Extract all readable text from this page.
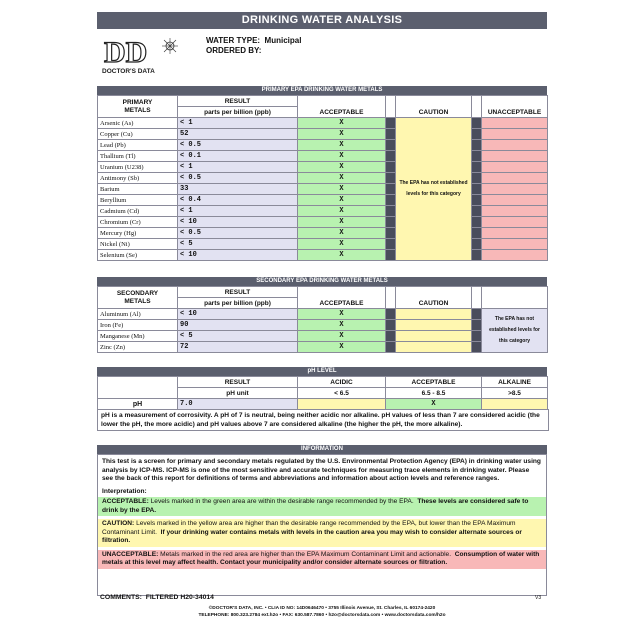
DRINKING WATER ANALYSIS
DD
DOCTOR'S DATA
WATER TYPE: Municipal
ORDERED BY:
PRIMARY EPA DRINKING WATER METALS
PRIMARY
METALS	RESULT	ACCEPTABLE		CAUTION		UNACCEPTABLE
	parts per billion (ppb)					
Arsenic (As)	< 1	X		The EPA has not established levels for this category		
Copper (Cu)	52	X				
Lead (Pb)	< 0.5	X				
Thallium (Tl)	< 0.1	X				
Uranium (U238)	< 1	X				
Antimony (Sb)	< 0.5	X				
Barium	33	X				
Beryllium	< 0.4	X				
Cadmium (Cd)	< 1	X				
Chromium (Cr)	< 10	X				
Mercury (Hg)	< 0.5	X				
Nickel (Ni)	< 5	X				
Selenium (Se)	< 10	X				
SECONDARY EPA DRINKING WATER METALS
SECONDARY
METALS	RESULT	ACCEPTABLE		CAUTION		
	parts per billion (ppb)					
Aluminum (Al)	< 10	X				The EPA has not established levels for this category
Iron (Fe)	90	X				
Manganese (Mn)	< 5	X				
Zinc (Zn)	72	X				
pH LEVEL
	RESULT	ACIDIC	ACCEPTABLE	ALKALINE
	pH unit	< 6.5	6.5 - 8.5	>8.5
pH	7.0		X	
pH is a measurement of corrosivity. A pH of 7 is neutral, being neither acidic nor alkaline. pH values of less than 7 are considered acidic (the lower the pH, the more acidic) and pH values above 7 are considered alkaline (the higher the pH, the more alkaline).
INFORMATION

This test is a screen for primary and secondary metals regulated by the U.S. Environmental Protection Agency (EPA) in drinking water using analysis by ICP-MS. ICP-MS is one of the most sensitive and accurate techniques for measuring trace elements in drinking water. Please see the back of this report for definitions of terms and abbreviations and information about action levels and reference ranges.

Interpretation:

ACCEPTABLE: Levels marked in the green area are within the desirable range recommended by the EPA. These levels are considered safe to drink by the EPA.

CAUTION: Levels marked in the yellow area are higher than the desirable range recommended by the EPA, but lower than the EPA Maximum Contaminant Limit. If your drinking water contains metals with levels in the caution area you may wish to consider alternate sources or filtration.

UNACCEPTABLE: Metals marked in the red area are higher than the EPA Maximum Contaminant Limit and actionable. Consumption of water with metals at this level may affect health. Contact your municipality and/or consider alternate sources or filtration.

COMMENTS: FILTERED H20-34014	V3
©DOCTOR'S DATA, INC. • CLIA ID NO: 14D0646470 • 3755 Illinois Avenue, St. Charles, IL 60174-2420
TELEPHONE: 800.323.2784 ext.h2o • FAX: 630.587.7860 • h2o@doctorsdata.com • www.doctorsdata.com/h2o
